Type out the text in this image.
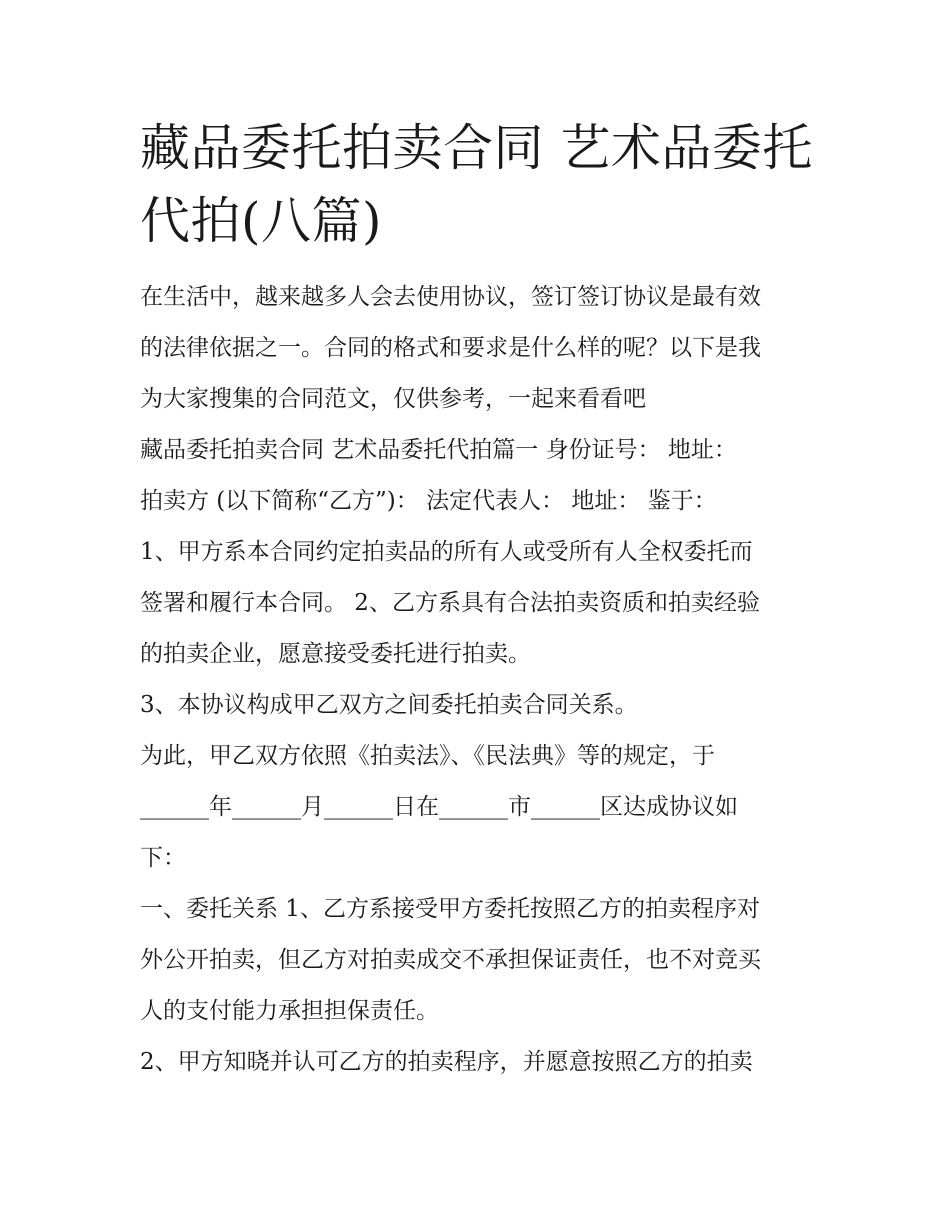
藏品委托拍卖合同 艺术品委托
代拍(八篇)

在生活中，越来越多人会去使用协议，签订签订协议是最有效

的法律依据之一。合同的格式和要求是什么样的呢？以下是我

为大家搜集的合同范文，仅供参考，一起来看看吧

藏品委托拍卖合同 艺术品委托代拍篇一 身份证号： 地址：

拍卖方 (以下简称“乙方”)： 法定代表人： 地址： 鉴于：

1、甲方系本合同约定拍卖品的所有人或受所有人全权委托而

签署和履行本合同。 2、乙方系具有合法拍卖资质和拍卖经验

的拍卖企业，愿意接受委托进行拍卖。

3、本协议构成甲乙双方之间委托拍卖合同关系。

为此，甲乙双方依照《拍卖法》、《民法典》等的规定，于

______年______月______日在______市______区达成协议如

下：

一、委托关系 1、乙方系接受甲方委托按照乙方的拍卖程序对

外公开拍卖，但乙方对拍卖成交不承担保证责任，也不对竞买

人的支付能力承担担保责任。

2、甲方知晓并认可乙方的拍卖程序，并愿意按照乙方的拍卖
